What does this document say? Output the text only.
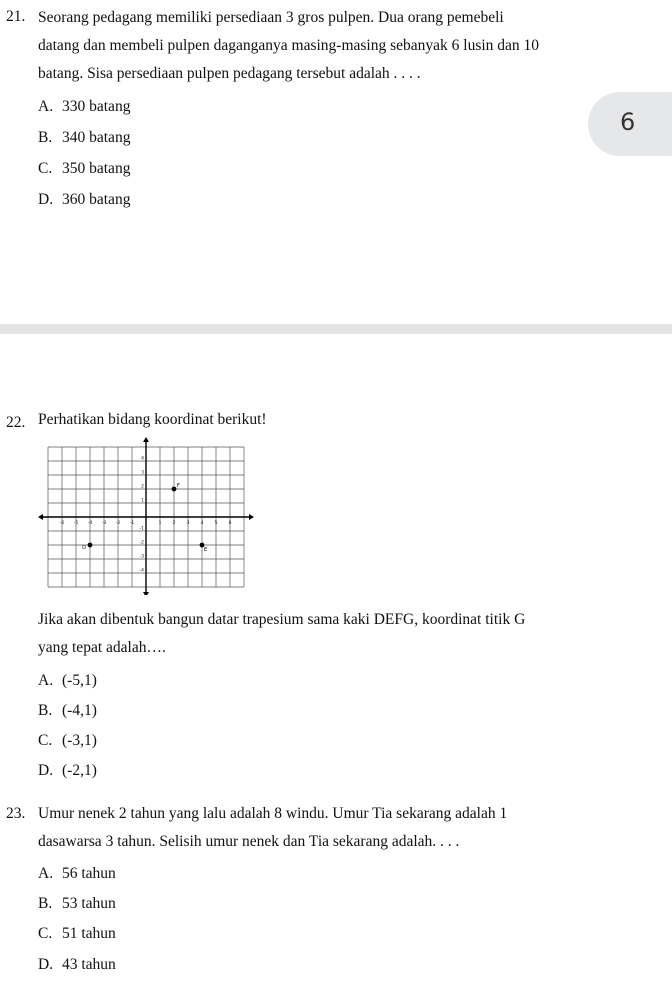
21. Seorang pedagang memiliki persediaan 3 gros pulpen. Dua orang pemebeli
datang dan membeli pulpen daganganya masing-masing sebanyak 6 lusin dan 10
batang. Sisa persediaan pulpen pedagang tersebut adalah . . . .
A. 330 batang
B. 340 batang
C. 350 batang
D. 360 batang
6
22. Perhatikan bidang koordinat berikut!
-6 -5 -4 -3 -2 -1	1 2 3 4 5 6
4
3
2
1
-1
-2
-3
-4
F
D	E
Jika akan dibentuk bangun datar trapesium sama kaki DEFG, koordinat titik G
yang tepat adalah….
A. (-5,1)
B. (-4,1)
C. (-3,1)
D. (-2,1)
23. Umur nenek 2 tahun yang lalu adalah 8 windu. Umur Tia sekarang adalah 1
dasawarsa 3 tahun. Selisih umur nenek dan Tia sekarang adalah. . . .
A. 56 tahun
B. 53 tahun
C. 51 tahun
D. 43 tahun
